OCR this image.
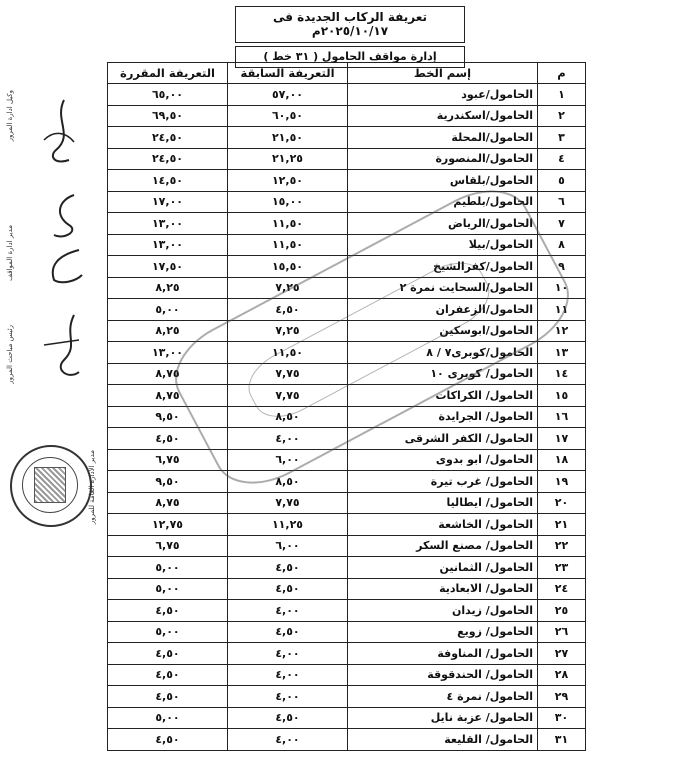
تعريفة الركاب الجديدة فى ٢٠٢٥/١٠/١٧م
إدارة مواقف الحامول ( ٣١ خط )
م	إسم الخط	التعريفة السابقة	التعريفة المقررة
١	الحامول/عبود	٥٧,٠٠	٦٥,٠٠
٢	الحامول/اسكندرية	٦٠,٥٠	٦٩,٥٠
٣	الحامول/المحلة	٢١,٥٠	٢٤,٥٠
٤	الحامول/المنصورة	٢١,٢٥	٢٤,٥٠
٥	الحامول/بلقاس	١٢,٥٠	١٤,٥٠
٦	الحامول/بلطيم	١٥,٠٠	١٧,٠٠
٧	الحامول/الرياض	١١,٥٠	١٣,٠٠
٨	الحامول/بيلا	١١,٥٠	١٣,٠٠
٩	الحامول/كفرالشيخ	١٥,٥٠	١٧,٥٠
١٠	الحامول/السحايت نمرة ٢	٧,٢٥	٨,٢٥
١١	الحامول/الزعفران	٤,٥٠	٥,٠٠
١٢	الحامول/ابوسكين	٧,٢٥	٨,٢٥
١٣	الحامول/كوبرى٧ / ٨	١١,٥٠	١٣,٠٠
١٤	الحامول/ كوبرى ١٠	٧,٧٥	٨,٧٥
١٥	الحامول/ الكراكات	٧,٧٥	٨,٧٥
١٦	الحامول/ الجرايدة	٨,٥٠	٩,٥٠
١٧	الحامول/ الكفر الشرقى	٤,٠٠	٤,٥٠
١٨	الحامول/ ابو بدوى	٦,٠٠	٦,٧٥
١٩	الحامول/ غرب تيرة	٨,٥٠	٩,٥٠
٢٠	الحامول/ ايطاليا	٧,٧٥	٨,٧٥
٢١	الحامول/ الخاشعة	١١,٢٥	١٢,٧٥
٢٢	الحامول/ مصنع السكر	٦,٠٠	٦,٧٥
٢٣	الحامول/ الثمانين	٤,٥٠	٥,٠٠
٢٤	الحامول/ الابعادية	٤,٥٠	٥,٠٠
٢٥	الحامول/ زيدان	٤,٠٠	٤,٥٠
٢٦	الحامول/ زويع	٤,٥٠	٥,٠٠
٢٧	الحامول/ المناوفة	٤,٠٠	٤,٥٠
٢٨	الحامول/ الحندقوقة	٤,٠٠	٤,٥٠
٢٩	الحامول/ نمرة ٤	٤,٠٠	٤,٥٠
٣٠	الحامول/ عزبة نايل	٤,٥٠	٥,٠٠
٣١	الحامول/ القليعة	٤,٠٠	٤,٥٠
وكيل ادارة المرور
مدير ادارة المواقف
رئيس مباحث المرور
مدير الادارة العامة للمرور
